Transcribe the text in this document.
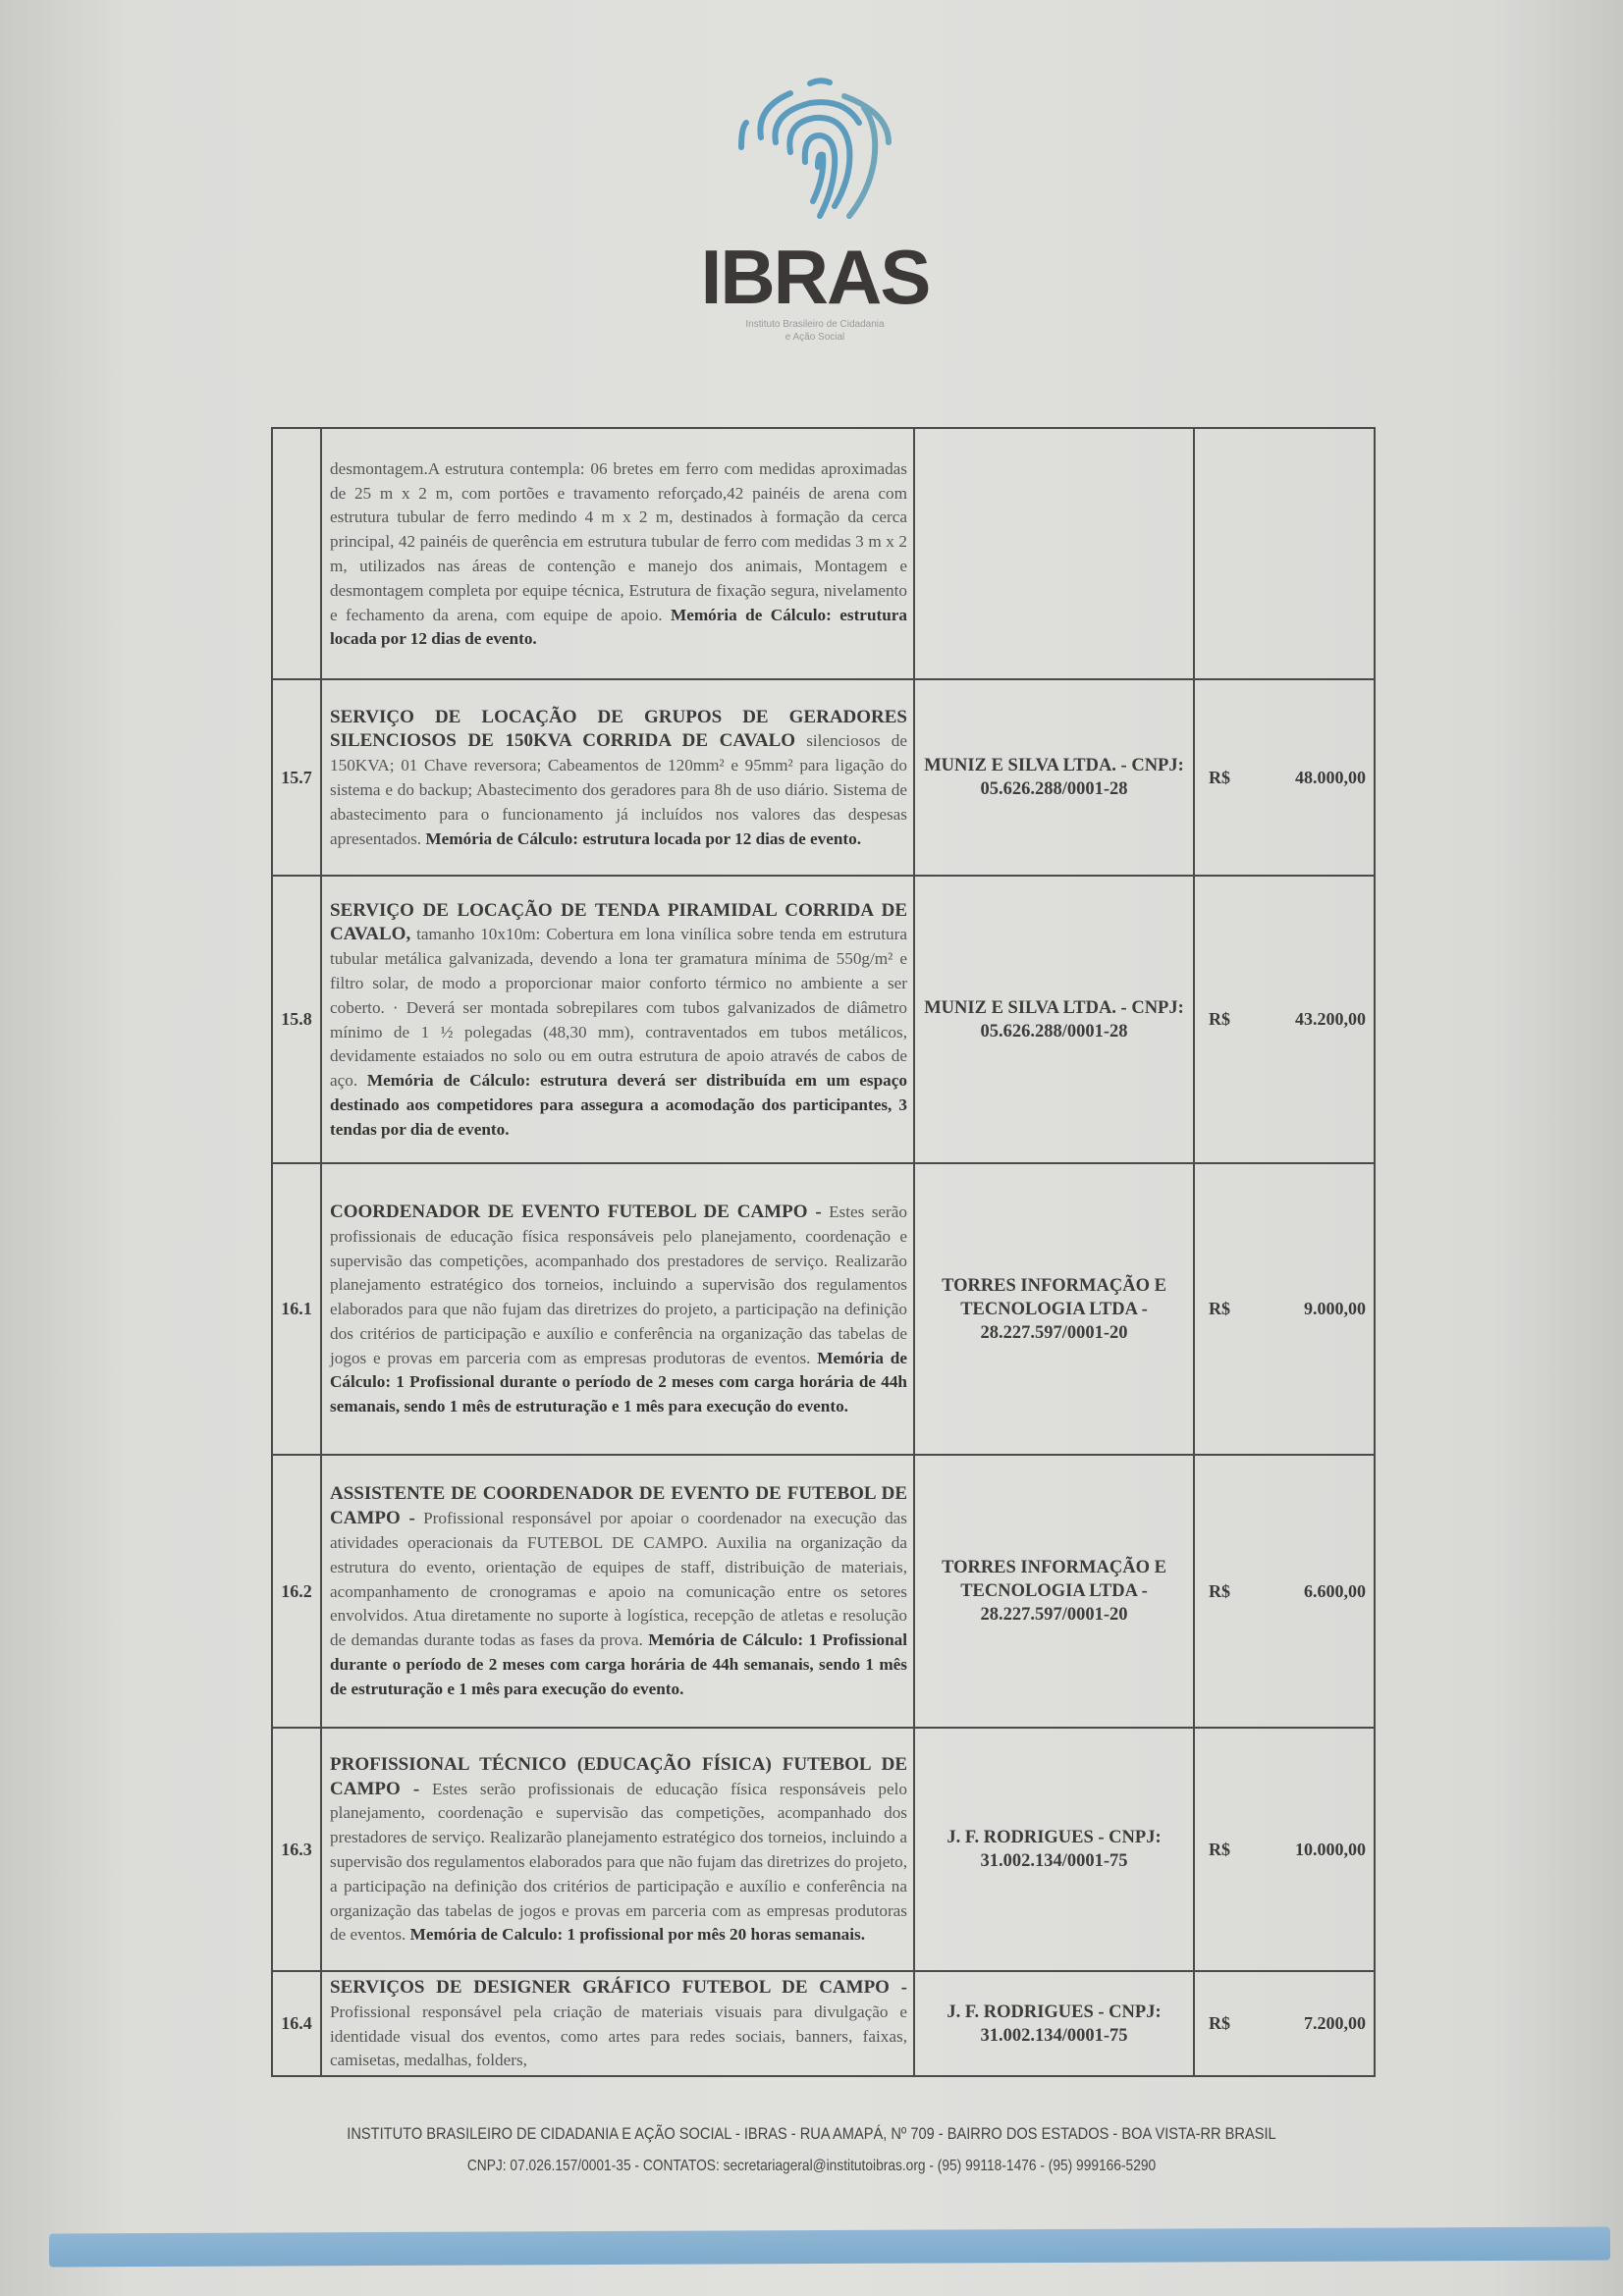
IBRAS
Instituto Brasileiro de Cidadania
e Ação Social
	desmontagem.A estrutura contempla: 06 bretes em ferro com medidas aproximadas de 25 m x 2 m, com portões e travamento reforçado,42 painéis de arena com estrutura tubular de ferro medindo 4 m x 2 m, destinados à formação da cerca principal, 42 painéis de querência em estrutura tubular de ferro com medidas 3 m x 2 m, utilizados nas áreas de contenção e manejo dos animais, Montagem e desmontagem completa por equipe técnica, Estrutura de fixação segura, nivelamento e fechamento da arena, com equipe de apoio. Memória de Cálculo: estrutura locada por 12 dias de evento.			
15.7	SERVIÇO DE LOCAÇÃO DE GRUPOS DE GERADORES SILENCIOSOS DE 150KVA CORRIDA DE CAVALO silenciosos de 150KVA; 01 Chave reversora; Cabeamentos de 120mm² e 95mm² para ligação do sistema e do backup; Abastecimento dos geradores para 8h de uso diário. Sistema de abastecimento para o funcionamento já incluídos nos valores das despesas apresentados. Memória de Cálculo: estrutura locada por 12 dias de evento.	MUNIZ E SILVA LTDA. - CNPJ: 05.626.288/0001-28	R$	48.000,00
15.8	SERVIÇO DE LOCAÇÃO DE TENDA PIRAMIDAL CORRIDA DE CAVALO, tamanho 10x10m: Cobertura em lona vinílica sobre tenda em estrutura tubular metálica galvanizada, devendo a lona ter gramatura mínima de 550g/m² e filtro solar, de modo a proporcionar maior conforto térmico no ambiente a ser coberto. · Deverá ser montada sobrepilares com tubos galvanizados de diâmetro mínimo de 1 ½ polegadas (48,30 mm), contraventados em tubos metálicos, devidamente estaiados no solo ou em outra estrutura de apoio através de cabos de aço. Memória de Cálculo: estrutura deverá ser distribuída em um espaço destinado aos competidores para assegura a acomodação dos participantes, 3 tendas por dia de evento.	MUNIZ E SILVA LTDA. - CNPJ: 05.626.288/0001-28	R$	43.200,00
16.1	COORDENADOR DE EVENTO FUTEBOL DE CAMPO - Estes serão profissionais de educação física responsáveis pelo planejamento, coordenação e supervisão das competições, acompanhado dos prestadores de serviço. Realizarão planejamento estratégico dos torneios, incluindo a supervisão dos regulamentos elaborados para que não fujam das diretrizes do projeto, a participação na definição dos critérios de participação e auxílio e conferência na organização das tabelas de jogos e provas em parceria com as empresas produtoras de eventos. Memória de Cálculo: 1 Profissional durante o período de 2 meses com carga horária de 44h semanais, sendo 1 mês de estruturação e 1 mês para execução do evento.	TORRES INFORMAÇÃO E TECNOLOGIA LTDA - 28.227.597/0001-20	R$	9.000,00
16.2	ASSISTENTE DE COORDENADOR DE EVENTO DE FUTEBOL DE CAMPO - Profissional responsável por apoiar o coordenador na execução das atividades operacionais da FUTEBOL DE CAMPO. Auxilia na organização da estrutura do evento, orientação de equipes de staff, distribuição de materiais, acompanhamento de cronogramas e apoio na comunicação entre os setores envolvidos. Atua diretamente no suporte à logística, recepção de atletas e resolução de demandas durante todas as fases da prova. Memória de Cálculo: 1 Profissional durante o período de 2 meses com carga horária de 44h semanais, sendo 1 mês de estruturação e 1 mês para execução do evento.	TORRES INFORMAÇÃO E TECNOLOGIA LTDA - 28.227.597/0001-20	R$	6.600,00
16.3	PROFISSIONAL TÉCNICO (EDUCAÇÃO FÍSICA) FUTEBOL DE CAMPO - Estes serão profissionais de educação física responsáveis pelo planejamento, coordenação e supervisão das competições, acompanhado dos prestadores de serviço. Realizarão planejamento estratégico dos torneios, incluindo a supervisão dos regulamentos elaborados para que não fujam das diretrizes do projeto, a participação na definição dos critérios de participação e auxílio e conferência na organização das tabelas de jogos e provas em parceria com as empresas produtoras de eventos. Memória de Calculo: 1 profissional por mês 20 horas semanais.	J. F. RODRIGUES - CNPJ: 31.002.134/0001-75	R$	10.000,00
16.4	SERVIÇOS DE DESIGNER GRÁFICO FUTEBOL DE CAMPO - Profissional responsável pela criação de materiais visuais para divulgação e identidade visual dos eventos, como artes para redes sociais, banners, faixas, camisetas, medalhas, folders,	J. F. RODRIGUES - CNPJ: 31.002.134/0001-75	R$	7.200,00
INSTITUTO BRASILEIRO DE CIDADANIA E AÇÃO SOCIAL - IBRAS - RUA AMAPÁ, Nº 709 - BAIRRO DOS ESTADOS - BOA VISTA-RR BRASIL
CNPJ: 07.026.157/0001-35 - CONTATOS: secretariageral@institutoibras.org - (95) 99118-1476 - (95) 999166-5290
